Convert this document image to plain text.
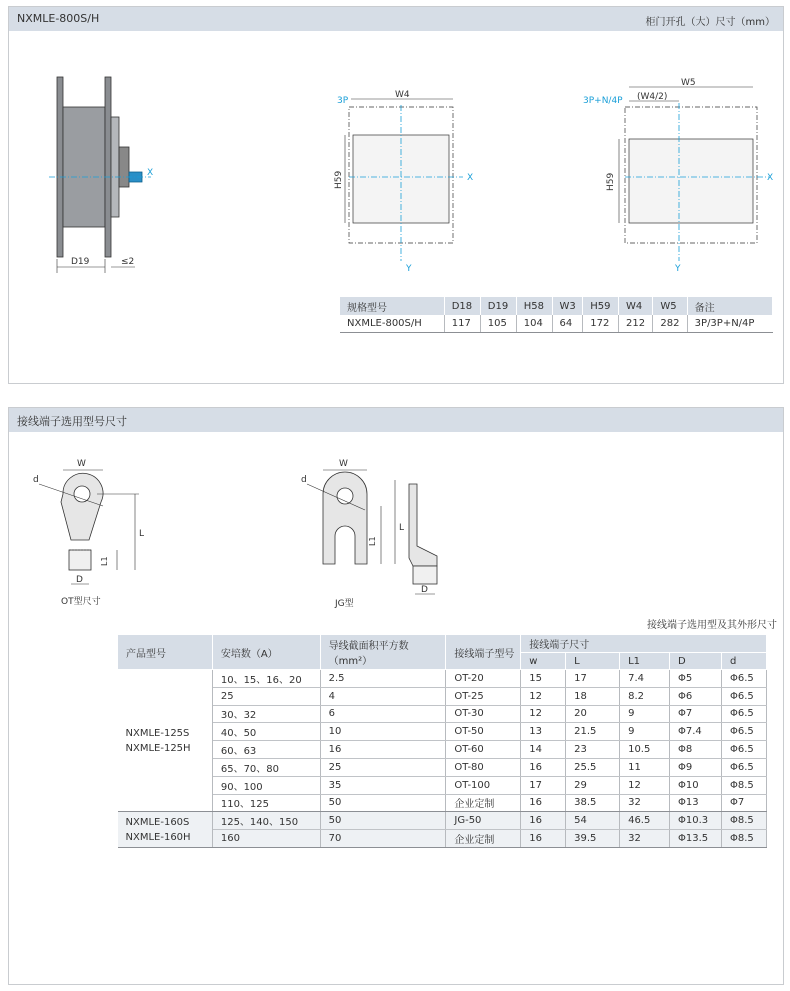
NXMLE-800S/H	柜门开孔（大）尺寸（mm）
X
D19	≤2
3P
W4
X
Y
H59
3P+N/4P
W5
(W4/2)
X
Y
H59
规格型号	D18	D19	H58	W3	H59	W4	W5	备注
NXMLE-800S/H	117	105	104	64	172	212	282	3P/3P+N/4P
接线端子选用型号尺寸
W
d
L
L1
D
OT型尺寸
W
d
L
L1
D
JG型
接线端子选用型及其外形尺寸
产品型号	安培数（A）	导线截面积平方数（mm²）	接线端子型号	接线端子尺寸				
				w	L	L1	D	d

NXMLE-125S
NXMLE-125H	10、15、16、20	2.5	OT-20	15	17	7.4	Φ5	Φ6.5
	25	4	OT-25	12	18	8.2	Φ6	Φ6.5
	30、32	6	OT-30	12	20	9	Φ7	Φ6.5
	40、50	10	OT-50	13	21.5	9	Φ7.4	Φ6.5
	60、63	16	OT-60	14	23	10.5	Φ8	Φ6.5
	65、70、80	25	OT-80	16	25.5	11	Φ9	Φ6.5
	90、100	35	OT-100	17	29	12	Φ10	Φ8.5
	110、125	50	企业定制	16	38.5	32	Φ13	Φ7

NXMLE-160S
NXMLE-160H	125、140、150	50	JG-50	16	54	46.5	Φ10.3	Φ8.5
	160	70	企业定制	16	39.5	32	Φ13.5	Φ8.5
